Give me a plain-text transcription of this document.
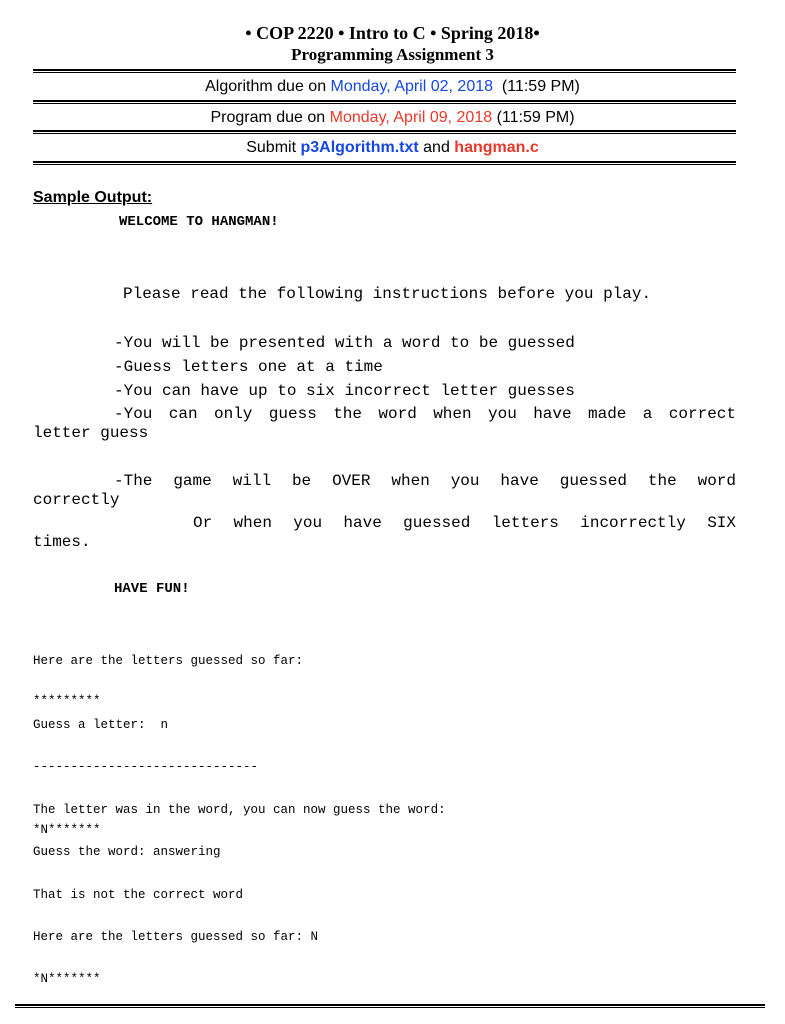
• COP 2220 • Intro to C • Spring 2018•
Programming Assignment 3
Algorithm due on Monday, April 02, 2018  (11:59 PM)
Program due on Monday, April 09, 2018 (11:59 PM)
Submit p3Algorithm.txt and hangman.c
Sample Output:
WELCOME TO HANGMAN!
Please read the following instructions before you play.
-You will be presented with a word to be guessed
-Guess letters one at a time
-You can have up to six incorrect letter guesses
-You can only guess the word when you have made a correct
letter guess
-The game will be OVER when you have guessed the word
correctly
Or when you have guessed letters incorrectly SIX
times.
HAVE FUN!
Here are the letters guessed so far:
*********
Guess a letter:  n
------------------------------
The letter was in the word, you can now guess the word:
*N*******
Guess the word: answering
That is not the correct word
Here are the letters guessed so far: N
*N*******
